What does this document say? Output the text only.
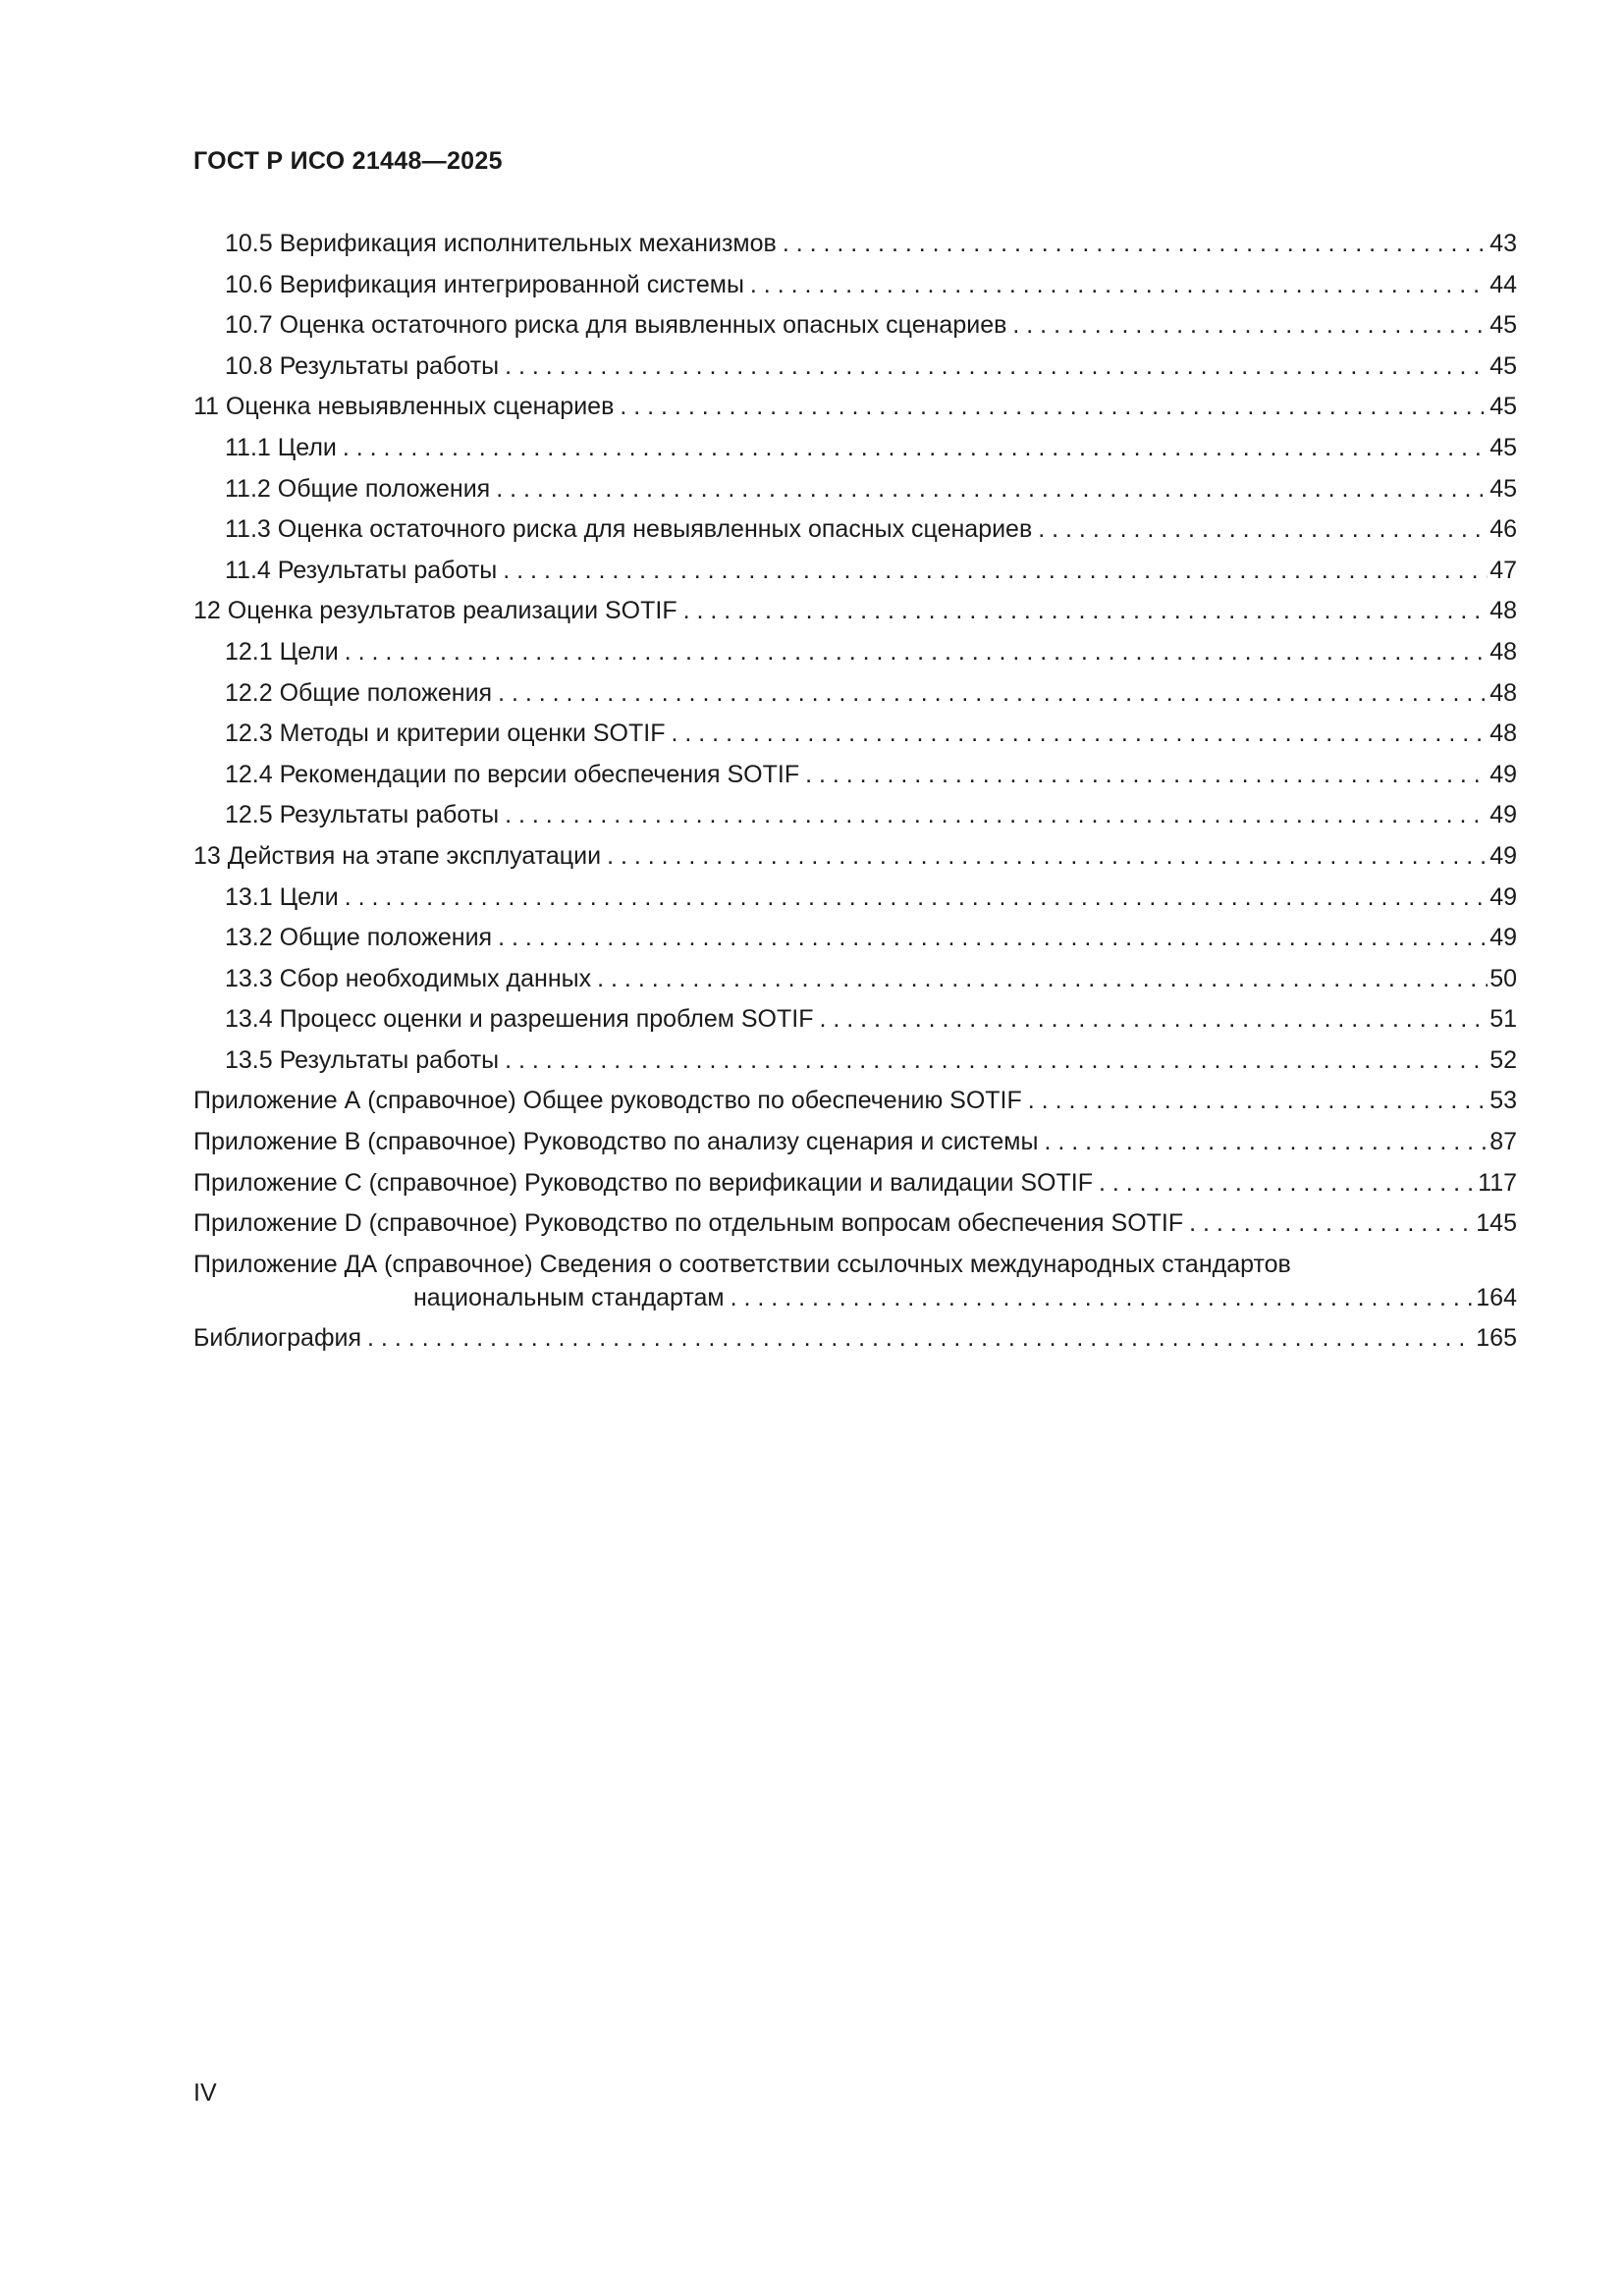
ГОСТ Р ИСО 21448—2025
10.5 Верификация исполнительных механизмов . . .	43
10.6 Верификация интегрированной системы . . .	44
10.7 Оценка остаточного риска для выявленных опасных сценариев . . .	45
10.8 Результаты работы . . .	45
11 Оценка невыявленных сценариев . . .	45
11.1 Цели . . .	45
11.2 Общие положения . . .	45
11.3 Оценка остаточного риска для невыявленных опасных сценариев . . .	46
11.4 Результаты работы . . .	47
12 Оценка результатов реализации SOTIF . . .	48
12.1 Цели . . .	48
12.2 Общие положения . . .	48
12.3 Методы и критерии оценки SOTIF . . .	48
12.4 Рекомендации по версии обеспечения SOTIF . . .	49
12.5 Результаты работы . . .	49
13 Действия на этапе эксплуатации . . .	49
13.1 Цели . . .	49
13.2 Общие положения . . .	49
13.3 Сбор необходимых данных . . .	50
13.4 Процесс оценки и разрешения проблем SOTIF . . .	51
13.5 Результаты работы . . .	52
Приложение А (справочное) Общее руководство по обеспечению SOTIF . . .	53
Приложение В (справочное) Руководство по анализу сценария и системы . . .	87
Приложение С (справочное) Руководство по верификации и валидации SOTIF . . .	117
Приложение D (справочное) Руководство по отдельным вопросам обеспечения SOTIF . . .	145
Приложение ДА (справочное) Сведения о соответствии ссылочных международных стандартов
национальным стандартам . . .	164
Библиография . . .	165
IV
